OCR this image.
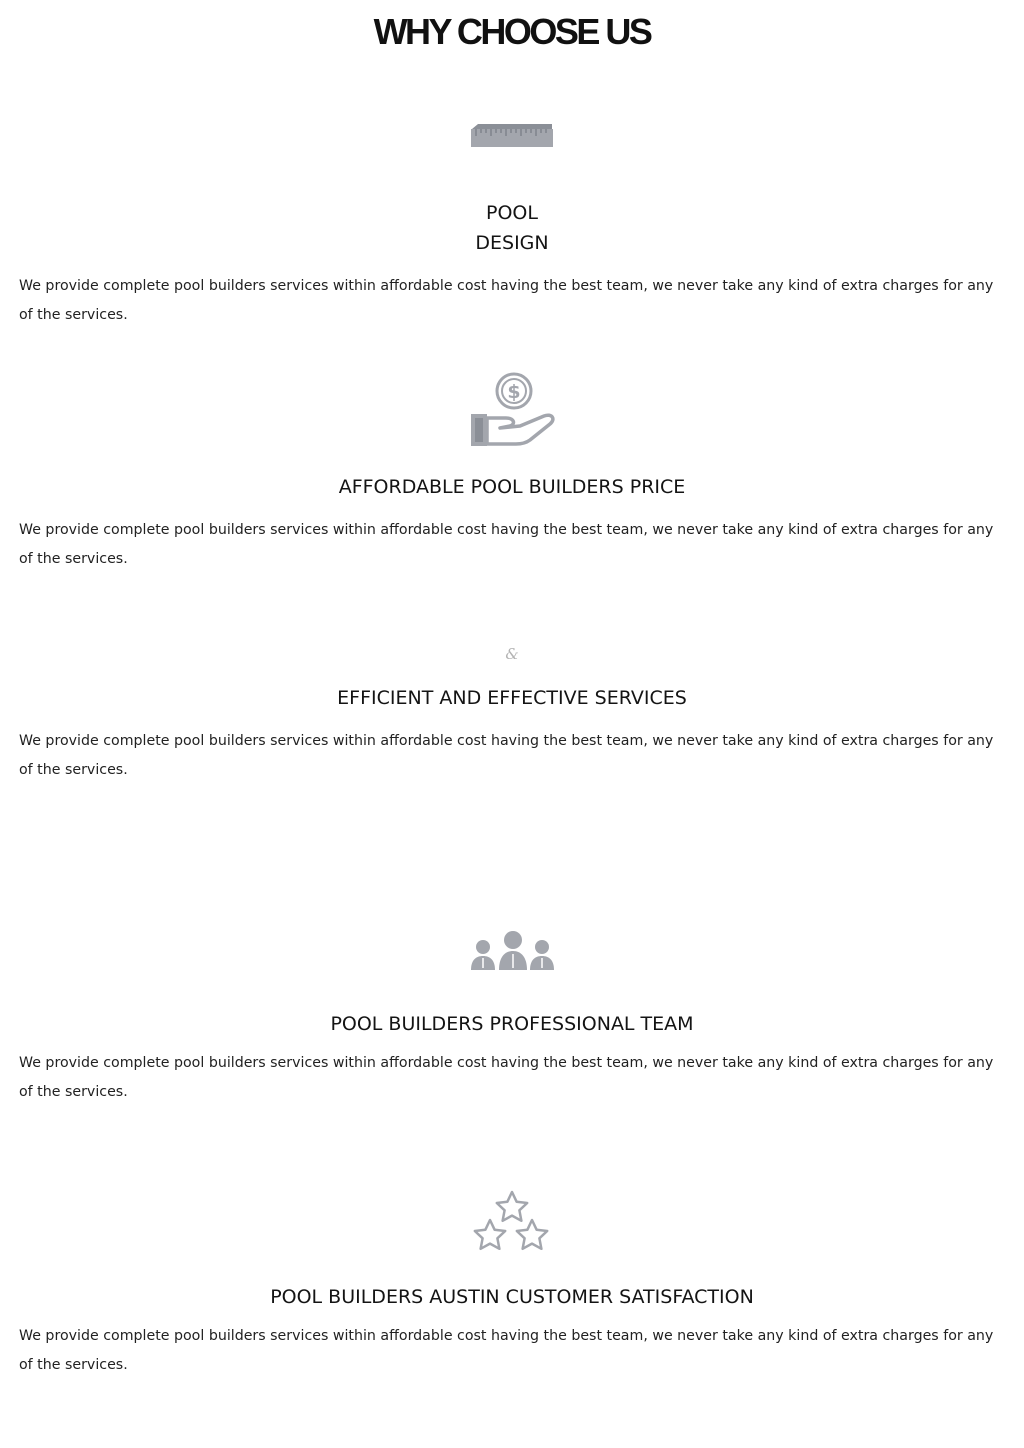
WHY CHOOSE US
POOL
DESIGN

We provide complete pool builders services within affordable cost having the best team, we never take any kind of extra charges for any of the services.

$
AFFORDABLE POOL BUILDERS PRICE

We provide complete pool builders services within affordable cost having the best team, we never take any kind of extra charges for any of the services.

&
EFFICIENT AND EFFECTIVE SERVICES

We provide complete pool builders services within affordable cost having the best team, we never take any kind of extra charges for any of the services.

POOL BUILDERS PROFESSIONAL TEAM

We provide complete pool builders services within affordable cost having the best team, we never take any kind of extra charges for any of the services.

POOL BUILDERS AUSTIN CUSTOMER SATISFACTION

We provide complete pool builders services within affordable cost having the best team, we never take any kind of extra charges for any of the services.
